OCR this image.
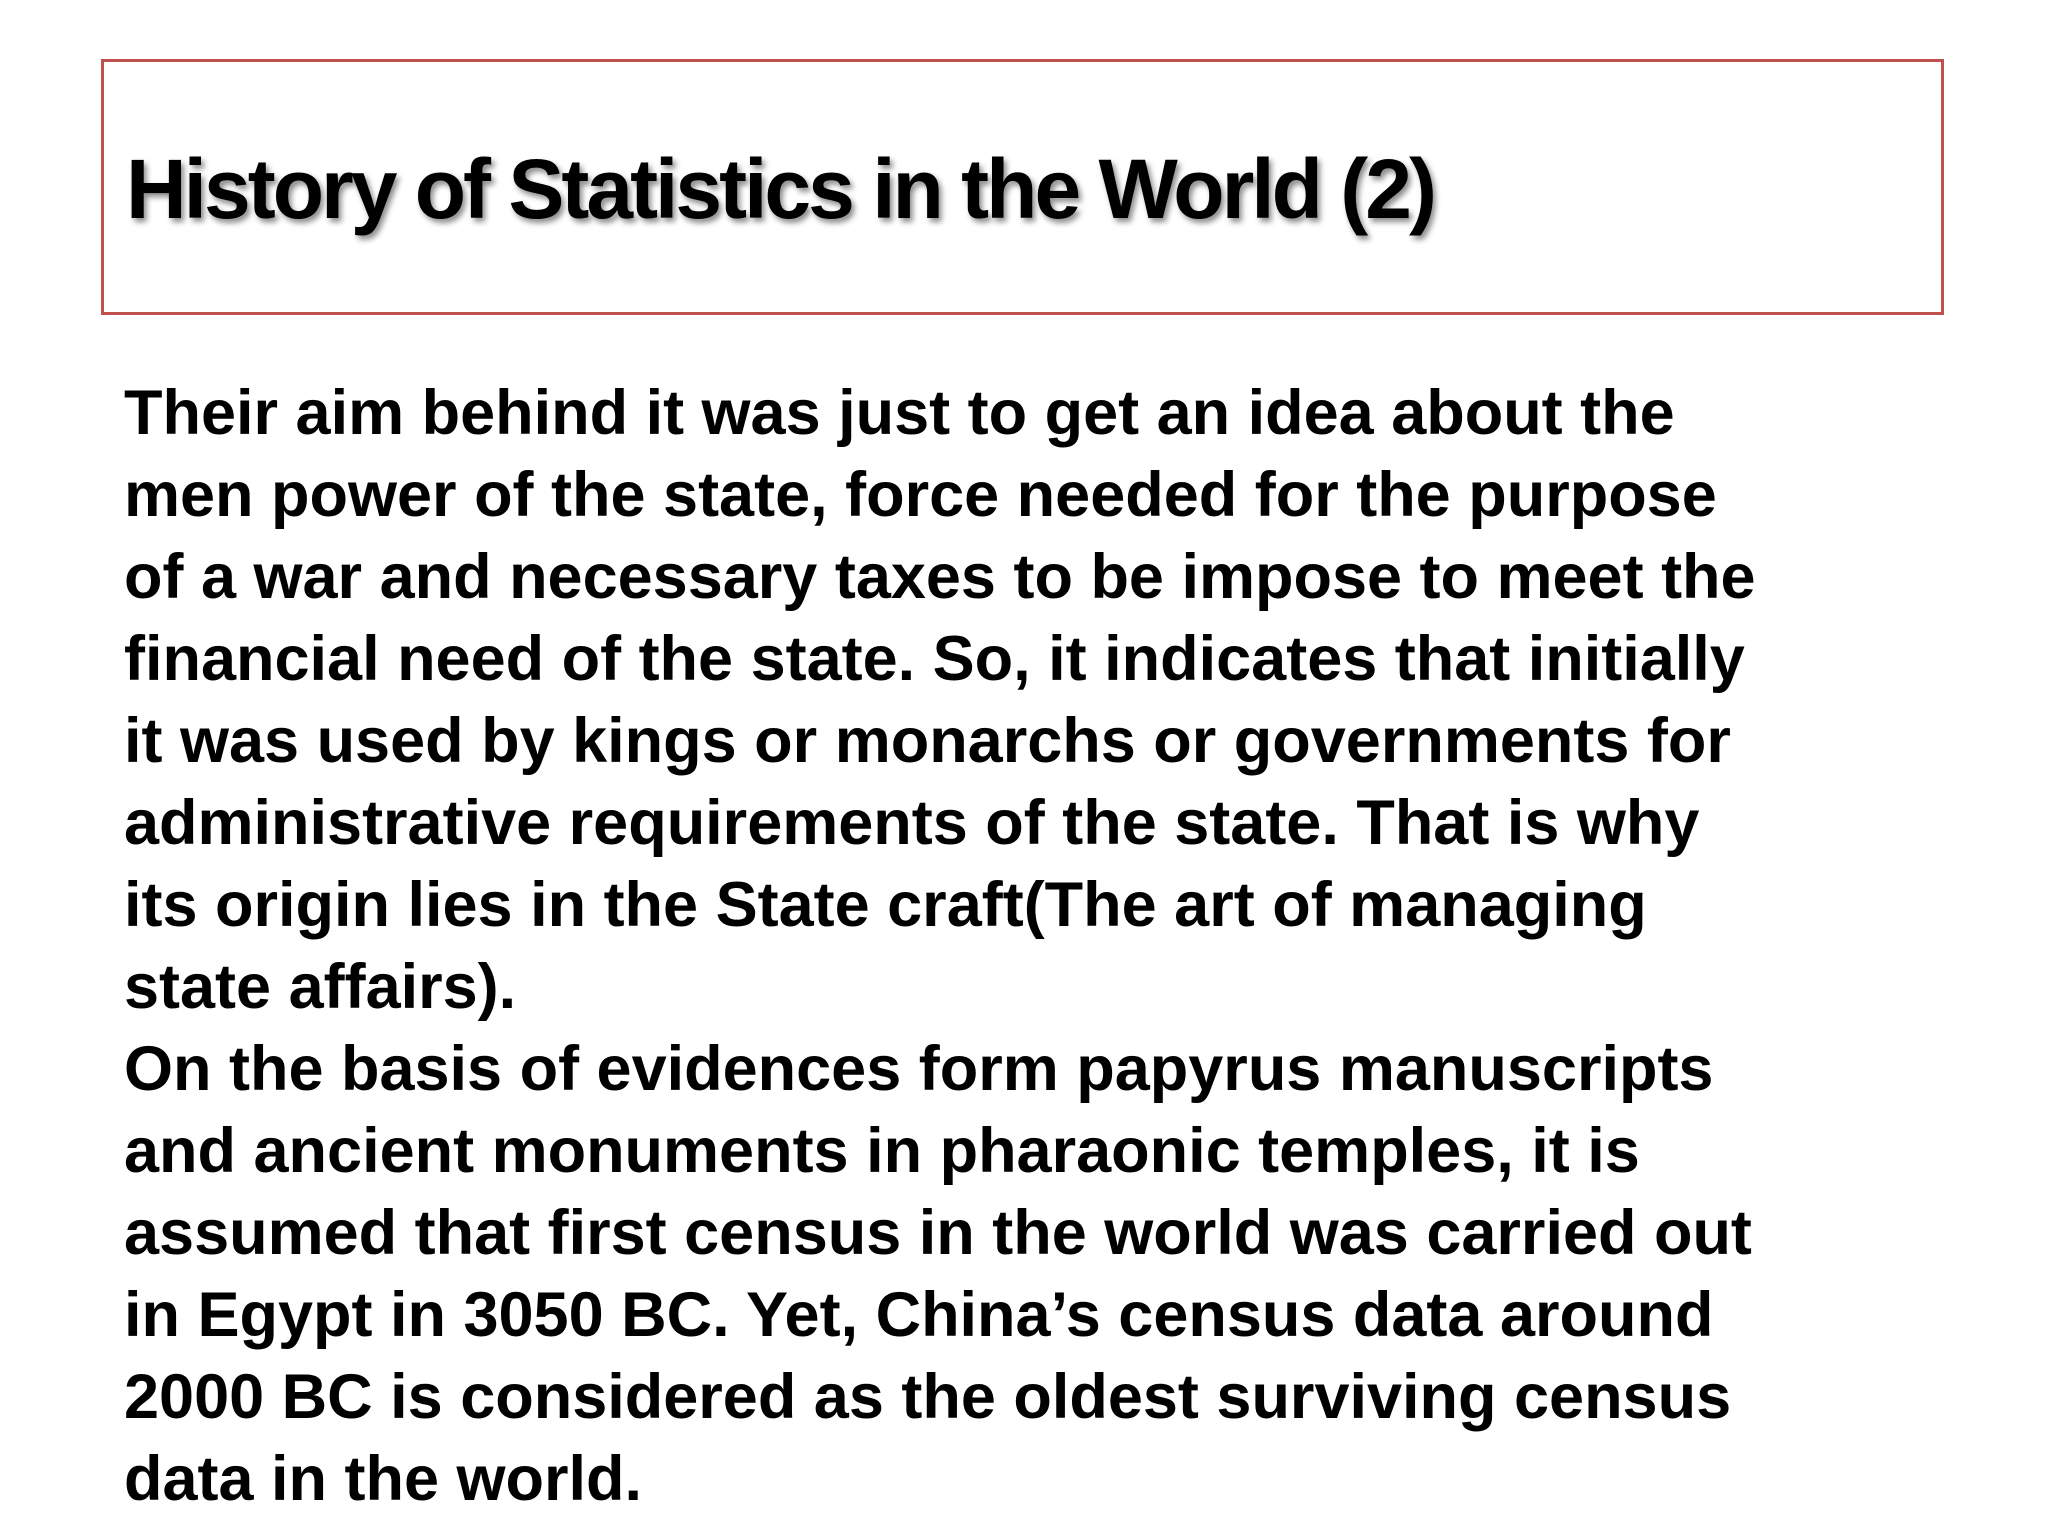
History of Statistics in the World (2)
Their aim behind it was just to get an idea about the
men power of the state, force needed for the purpose
of a war and necessary taxes to be impose to meet the
financial need of the state. So, it indicates that initially
it was used by kings or monarchs or governments for
administrative requirements of the state. That is why
its origin lies in the State craft(The art of managing
state affairs).
On the basis of evidences form papyrus manuscripts
and ancient monuments in pharaonic temples, it is
assumed that first census in the world was carried out
in Egypt in 3050 BC. Yet, China’s census data around
2000 BC is considered as the oldest surviving census
data in the world.
